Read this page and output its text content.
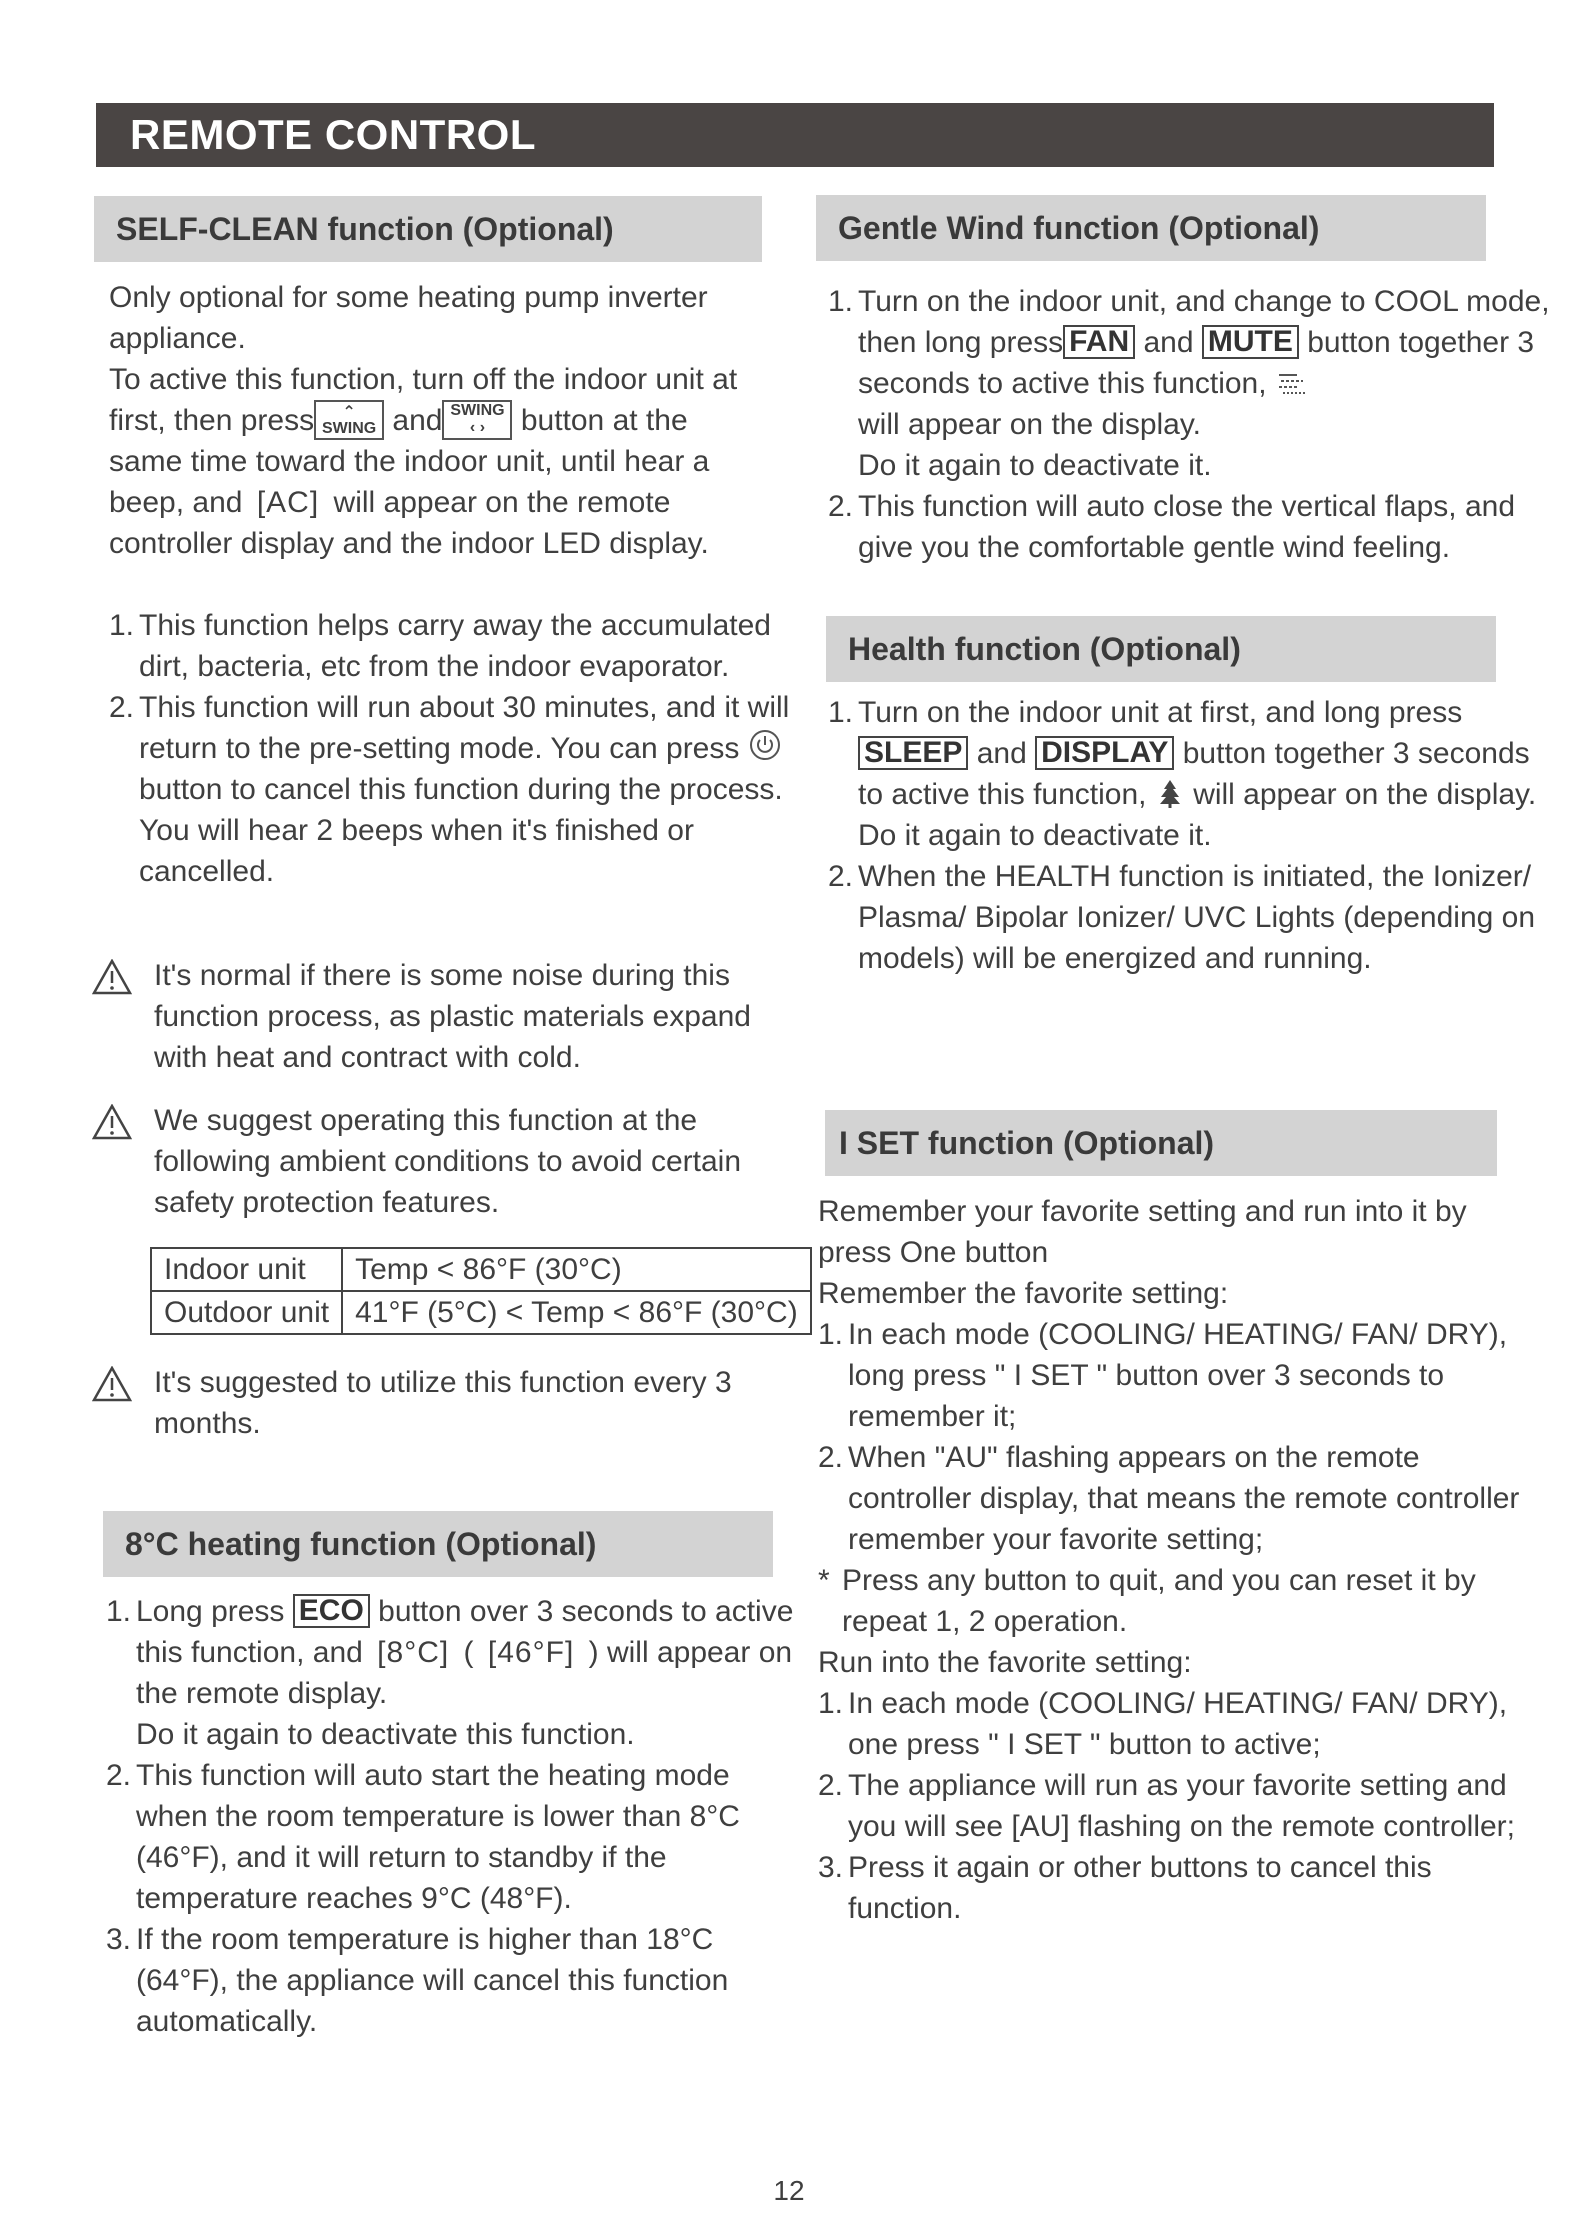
REMOTE CONTROL
SELF-CLEAN function (Optional)

Only optional for some heating pump inverter appliance.

To active this function, turn off the indoor unit at first, then press	⌃
SWING and SWING
‹ ›	button at the same time toward the indoor unit, until hear a beep, and [AC] will appear on the remote controller display and the indoor LED display.

1. This function helps carry away the accumulated dirt, bacteria, etc from the indoor evaporator.
2. This function will run about 30 minutes, and it will return to the pre-setting mode. You can press  button to cancel this function during the process.
You will hear 2 beeps when it's finished or cancelled.
It's normal if there is some noise during this function process, as plastic materials expand with heat and contract with cold.
We suggest operating this function at the following ambient conditions to avoid certain safety protection features.
Indoor unit	Temp < 86°F (30°C)
Outdoor unit	41°F (5°C) < Temp < 86°F (30°C)
It's suggested to utilize this function every 3 months.
8°C heating function (Optional)
1. Long press ECO button over 3 seconds to active this function, and [8°C] ( [46°F] ) will appear on the remote display.
Do it again to deactivate this function.
2. This function will auto start the heating mode when the room temperature is lower than 8°C (46°F), and it will return to standby if the temperature reaches 9°C (48°F).
3. If the room temperature is higher than 18°C (64°F), the appliance will cancel this function automatically.
Gentle Wind function (Optional)
1. Turn on the indoor unit, and change to COOL mode, then long press FAN and MUTE button together 3 seconds to active this function,
will appear on the display.
Do it again to deactivate it.
2. This function will auto close the vertical flaps, and give you the comfortable gentle wind feeling.
Health function (Optional)
1. Turn on the indoor unit at first, and long press SLEEP and DISPLAY button together 3 seconds to active this function, will appear on the display.
Do it again to deactivate it.
2. When the HEALTH function is initiated, the Ionizer/ Plasma/ Bipolar Ionizer/ UVC Lights (depending on models) will be energized and running.
I SET function (Optional)

Remember your favorite setting and run into it by press One button

Remember the favorite setting:

1. In each mode (COOLING/ HEATING/ FAN/ DRY), long press " I SET " button over 3 seconds to remember it;
2. When "AU" flashing appears on the remote controller display, that means the remote controller remember your favorite setting;
* Press any button to quit, and you can reset it by repeat 1, 2 operation.

Run into the favorite setting:

1. In each mode (COOLING/ HEATING/ FAN/ DRY), one press " I SET " button to active;
2. The appliance will run as your favorite setting and you will see [AU] flashing on the remote controller;
3. Press it again or other buttons to cancel this function.
12
